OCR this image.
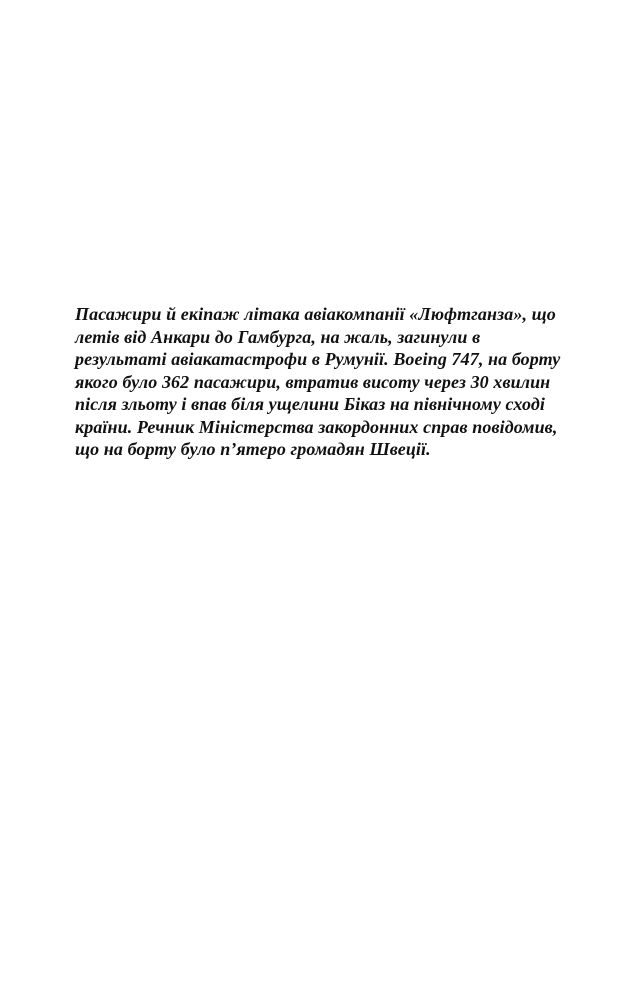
Пасажири й екіпаж літака авіакомпанії «Люфтганза», що летів від Анкари до Гамбурга, на жаль, загинули в результаті авіакатастрофи в Румунії. Boeing 747, на борту якого було 362 пасажири, втратив висоту через 30 хвилин після зльоту і впав біля ущелини Біказ на північному сході країни. Речник Міністерства закордонних справ повідомив, що на борту було п’ятеро громадян Швеції.
